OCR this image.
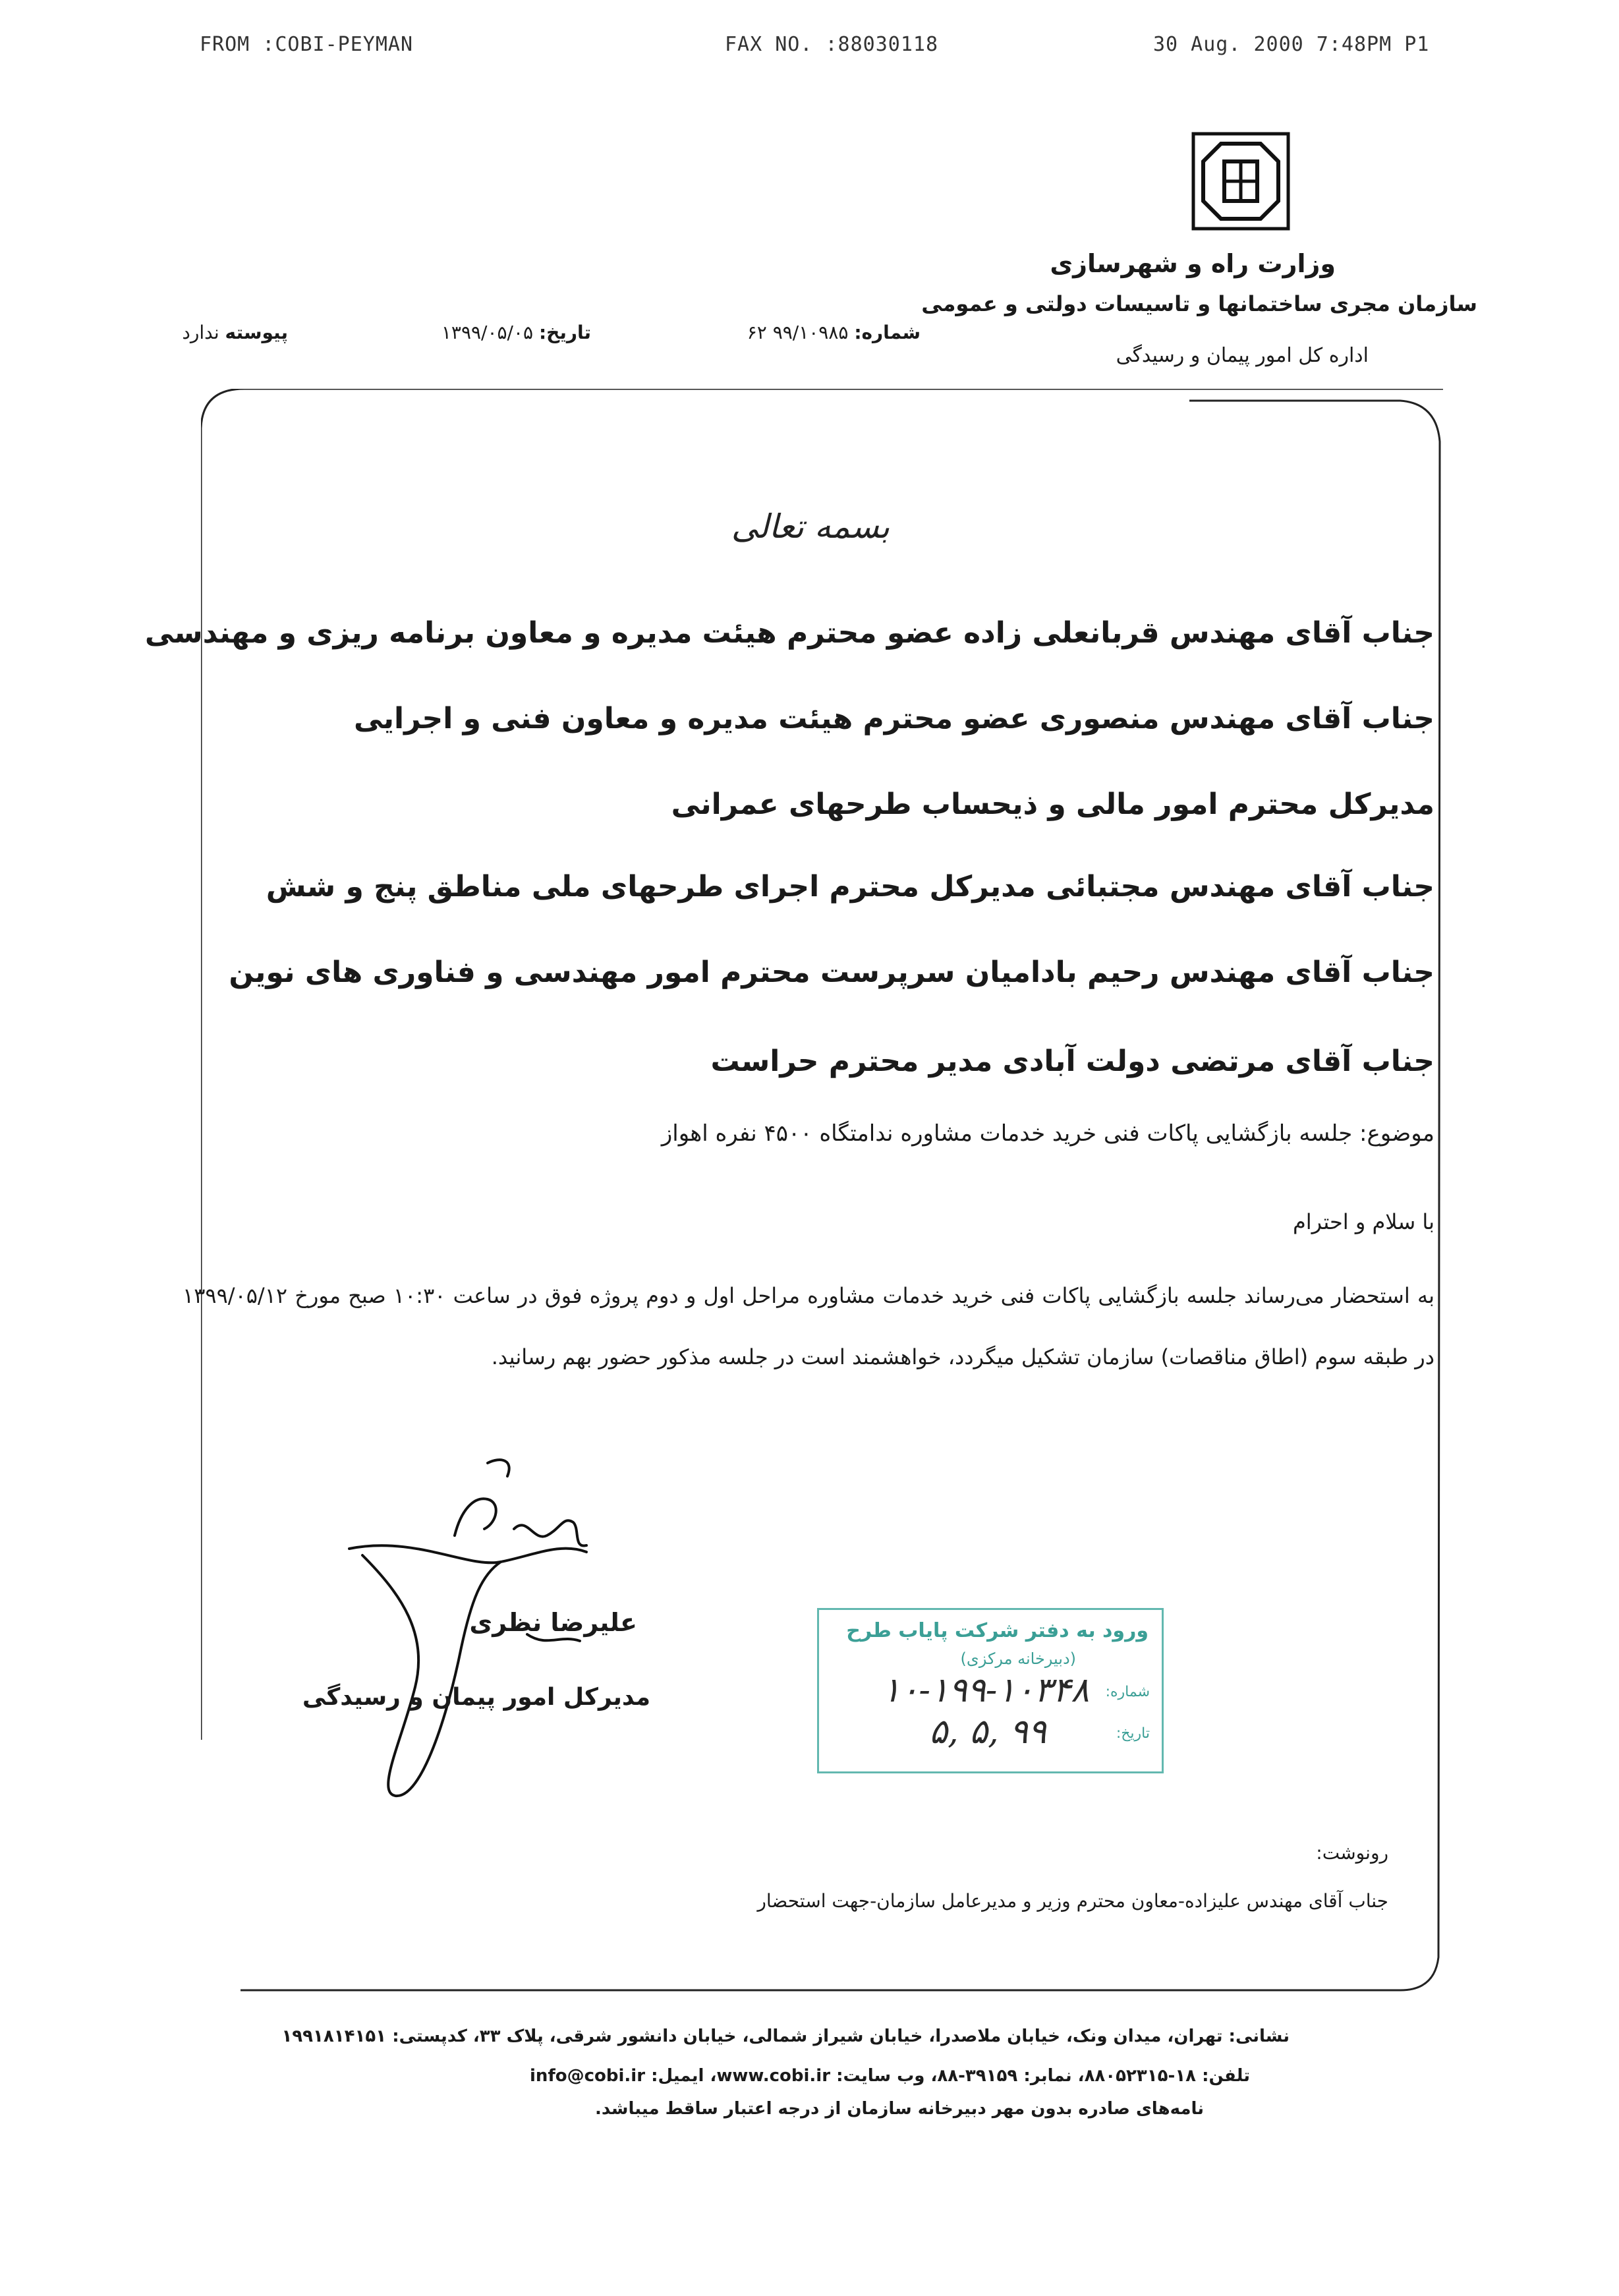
FROM :COBI-PEYMAN	FAX NO. :88030118	30 Aug. 2000 7:48PM P1
وزارت راه و شهرسازی
سازمان مجری ساختمانها و تاسیسات دولتی و عمومی
اداره کل امور پیمان و رسیدگی
شماره: ۹۹/۱۰۹۸۵ ۶۲
تاریخ: ۱۳۹۹/۰۵/۰۵
پیوسته ندارد
بسمه تعالی
جناب آقای مهندس قربانعلی زاده عضو محترم هیئت مدیره و معاون برنامه ریزی و مهندسی
جناب آقای مهندس منصوری عضو محترم هیئت مدیره و معاون فنی و اجرایی
مدیرکل محترم امور مالی و ذیحساب طرحهای عمرانی
جناب آقای مهندس مجتبائی مدیرکل محترم اجرای طرحهای ملی مناطق پنج و شش
جناب آقای مهندس رحیم بادامیان سرپرست محترم امور مهندسی و فناوری های نوین
جناب آقای مرتضی دولت آبادی مدیر محترم حراست
موضوع: جلسه بازگشایی پاکات فنی خرید خدمات مشاوره ندامتگاه ۴۵۰۰ نفره اهواز
با سلام و احترام
به استحضار می‌رساند جلسه بازگشایی پاکات فنی خرید خدمات مشاوره مراحل اول و دوم پروژه فوق در ساعت ۱۰:۳۰ صبح مورخ ۱۳۹۹/۰۵/۱۲ در طبقه سوم (اطاق مناقصات) سازمان تشکیل میگردد، خواهشمند است در جلسه مذکور حضور بهم رسانید.
علیرضا نظری
مدیرکل امور پیمان و رسیدگی
ورود به دفتر شرکت پایاب طرح
(دبیرخانه مرکزی)
شماره:
تاریخ:
۱۰-۱۹۹-۱۰۳۴۸
۹۹ ,۵ ,۵
رونوشت:
جناب آقای مهندس علیزاده-معاون محترم وزیر و مدیرعامل سازمان-جهت استحضار
نشانی: تهران، میدان ونک، خیابان ملاصدرا، خیابان شیراز شمالی، خیابان دانشور شرقی، پلاک ۳۳، کدپستی: ۱۹۹۱۸۱۴۱۵۱
تلفن: ۱۸-۸۸۰۵۲۳۱۵، نمابر: ۳۹۱۵۹-۸۸، وب سایت: www.cobi.ir، ایمیل: info@cobi.ir
نامه‌های صادره بدون مهر دبیرخانه سازمان از درجه اعتبار ساقط میباشد.
